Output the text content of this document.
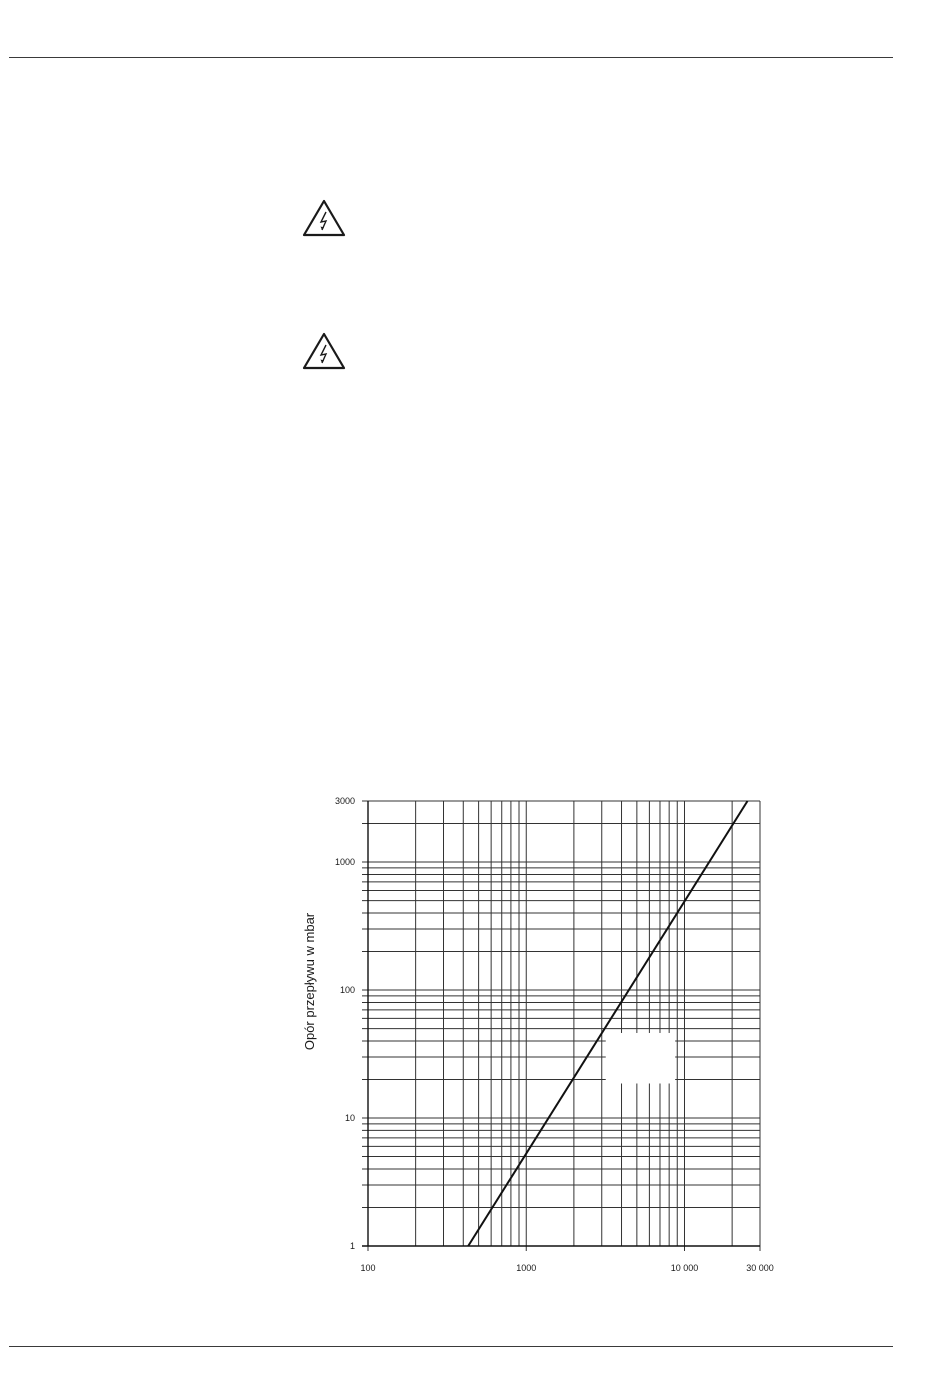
100	1000	10 000	30 000
1
10
100
1000
3000
Opór przepływu w mbar
